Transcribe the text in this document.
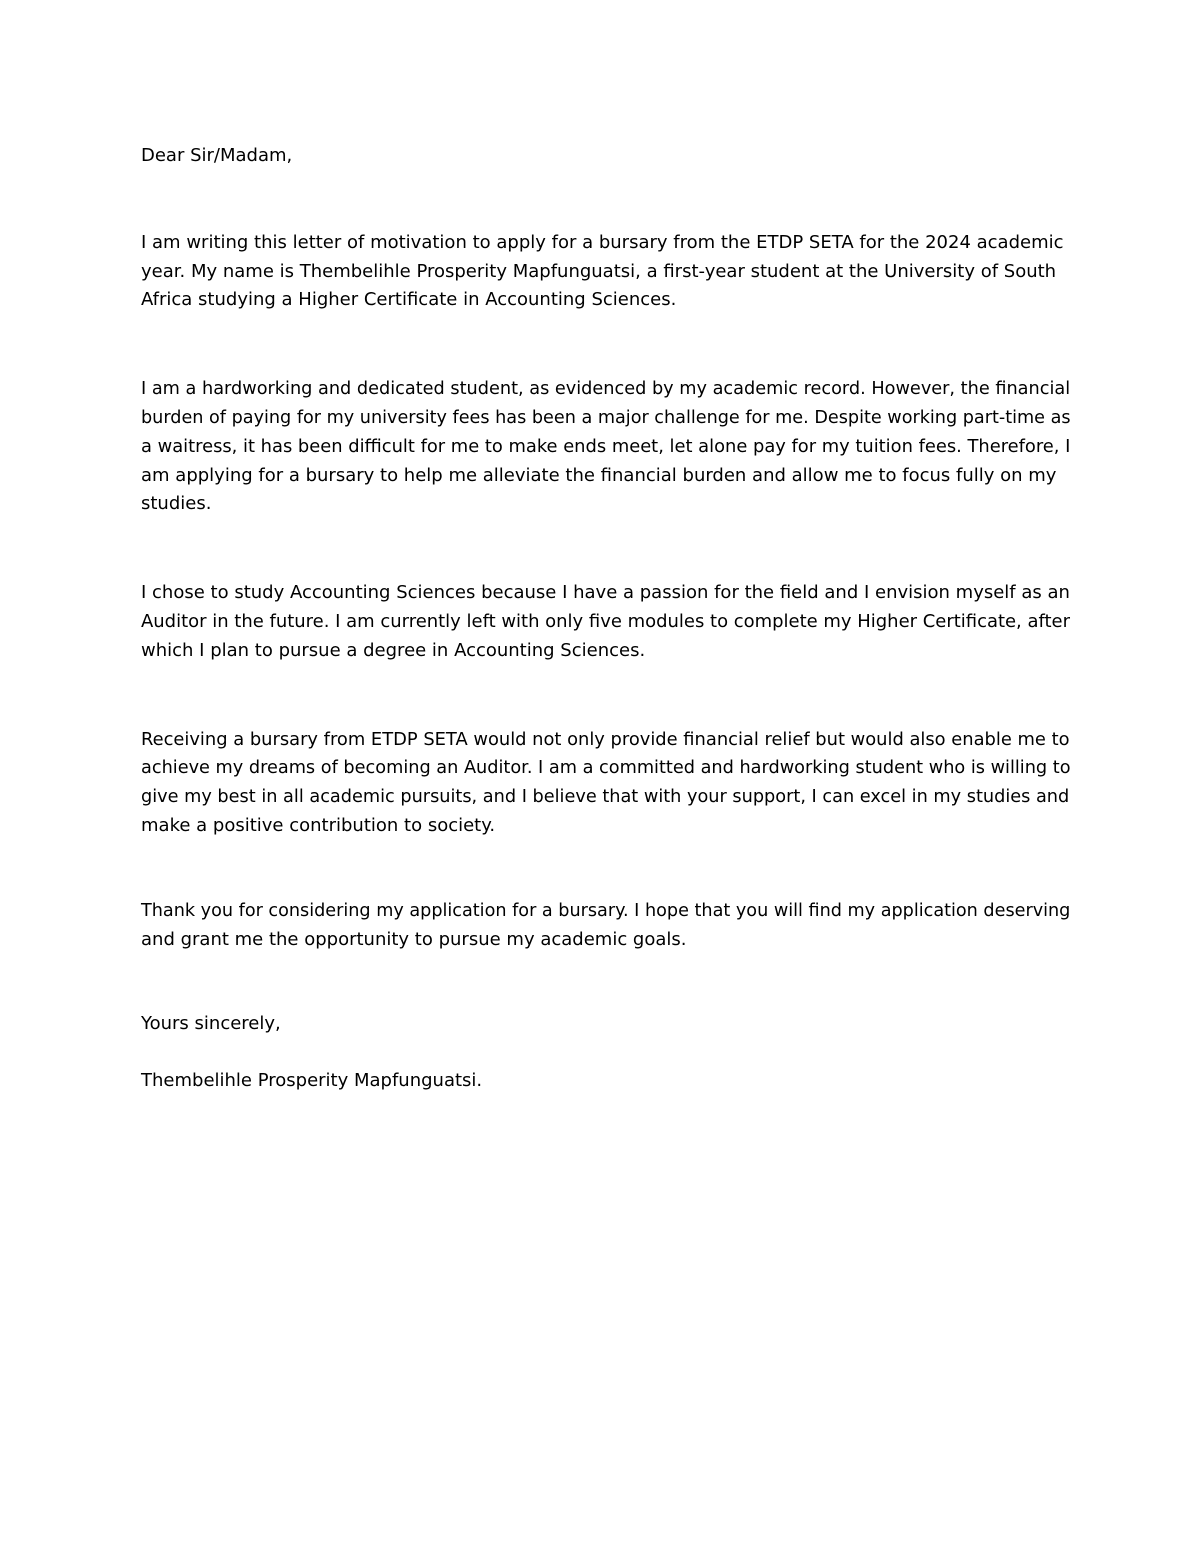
Dear Sir/Madam,
I am writing this letter of motivation to apply for a bursary from the ETDP SETA for the 2024 academic
year. My name is Thembelihle Prosperity Mapfunguatsi, a first-year student at the University of South
Africa studying a Higher Certificate in Accounting Sciences.
I am a hardworking and dedicated student, as evidenced by my academic record. However, the financial
burden of paying for my university fees has been a major challenge for me. Despite working part-time as
a waitress, it has been difficult for me to make ends meet, let alone pay for my tuition fees. Therefore, I
am applying for a bursary to help me alleviate the financial burden and allow me to focus fully on my
studies.
I chose to study Accounting Sciences because I have a passion for the field and I envision myself as an
Auditor in the future. I am currently left with only five modules to complete my Higher Certificate, after
which I plan to pursue a degree in Accounting Sciences.
Receiving a bursary from ETDP SETA would not only provide financial relief but would also enable me to
achieve my dreams of becoming an Auditor. I am a committed and hardworking student who is willing to
give my best in all academic pursuits, and I believe that with your support, I can excel in my studies and
make a positive contribution to society.
Thank you for considering my application for a bursary. I hope that you will find my application deserving
and grant me the opportunity to pursue my academic goals.
Yours sincerely,
Thembelihle Prosperity Mapfunguatsi.
